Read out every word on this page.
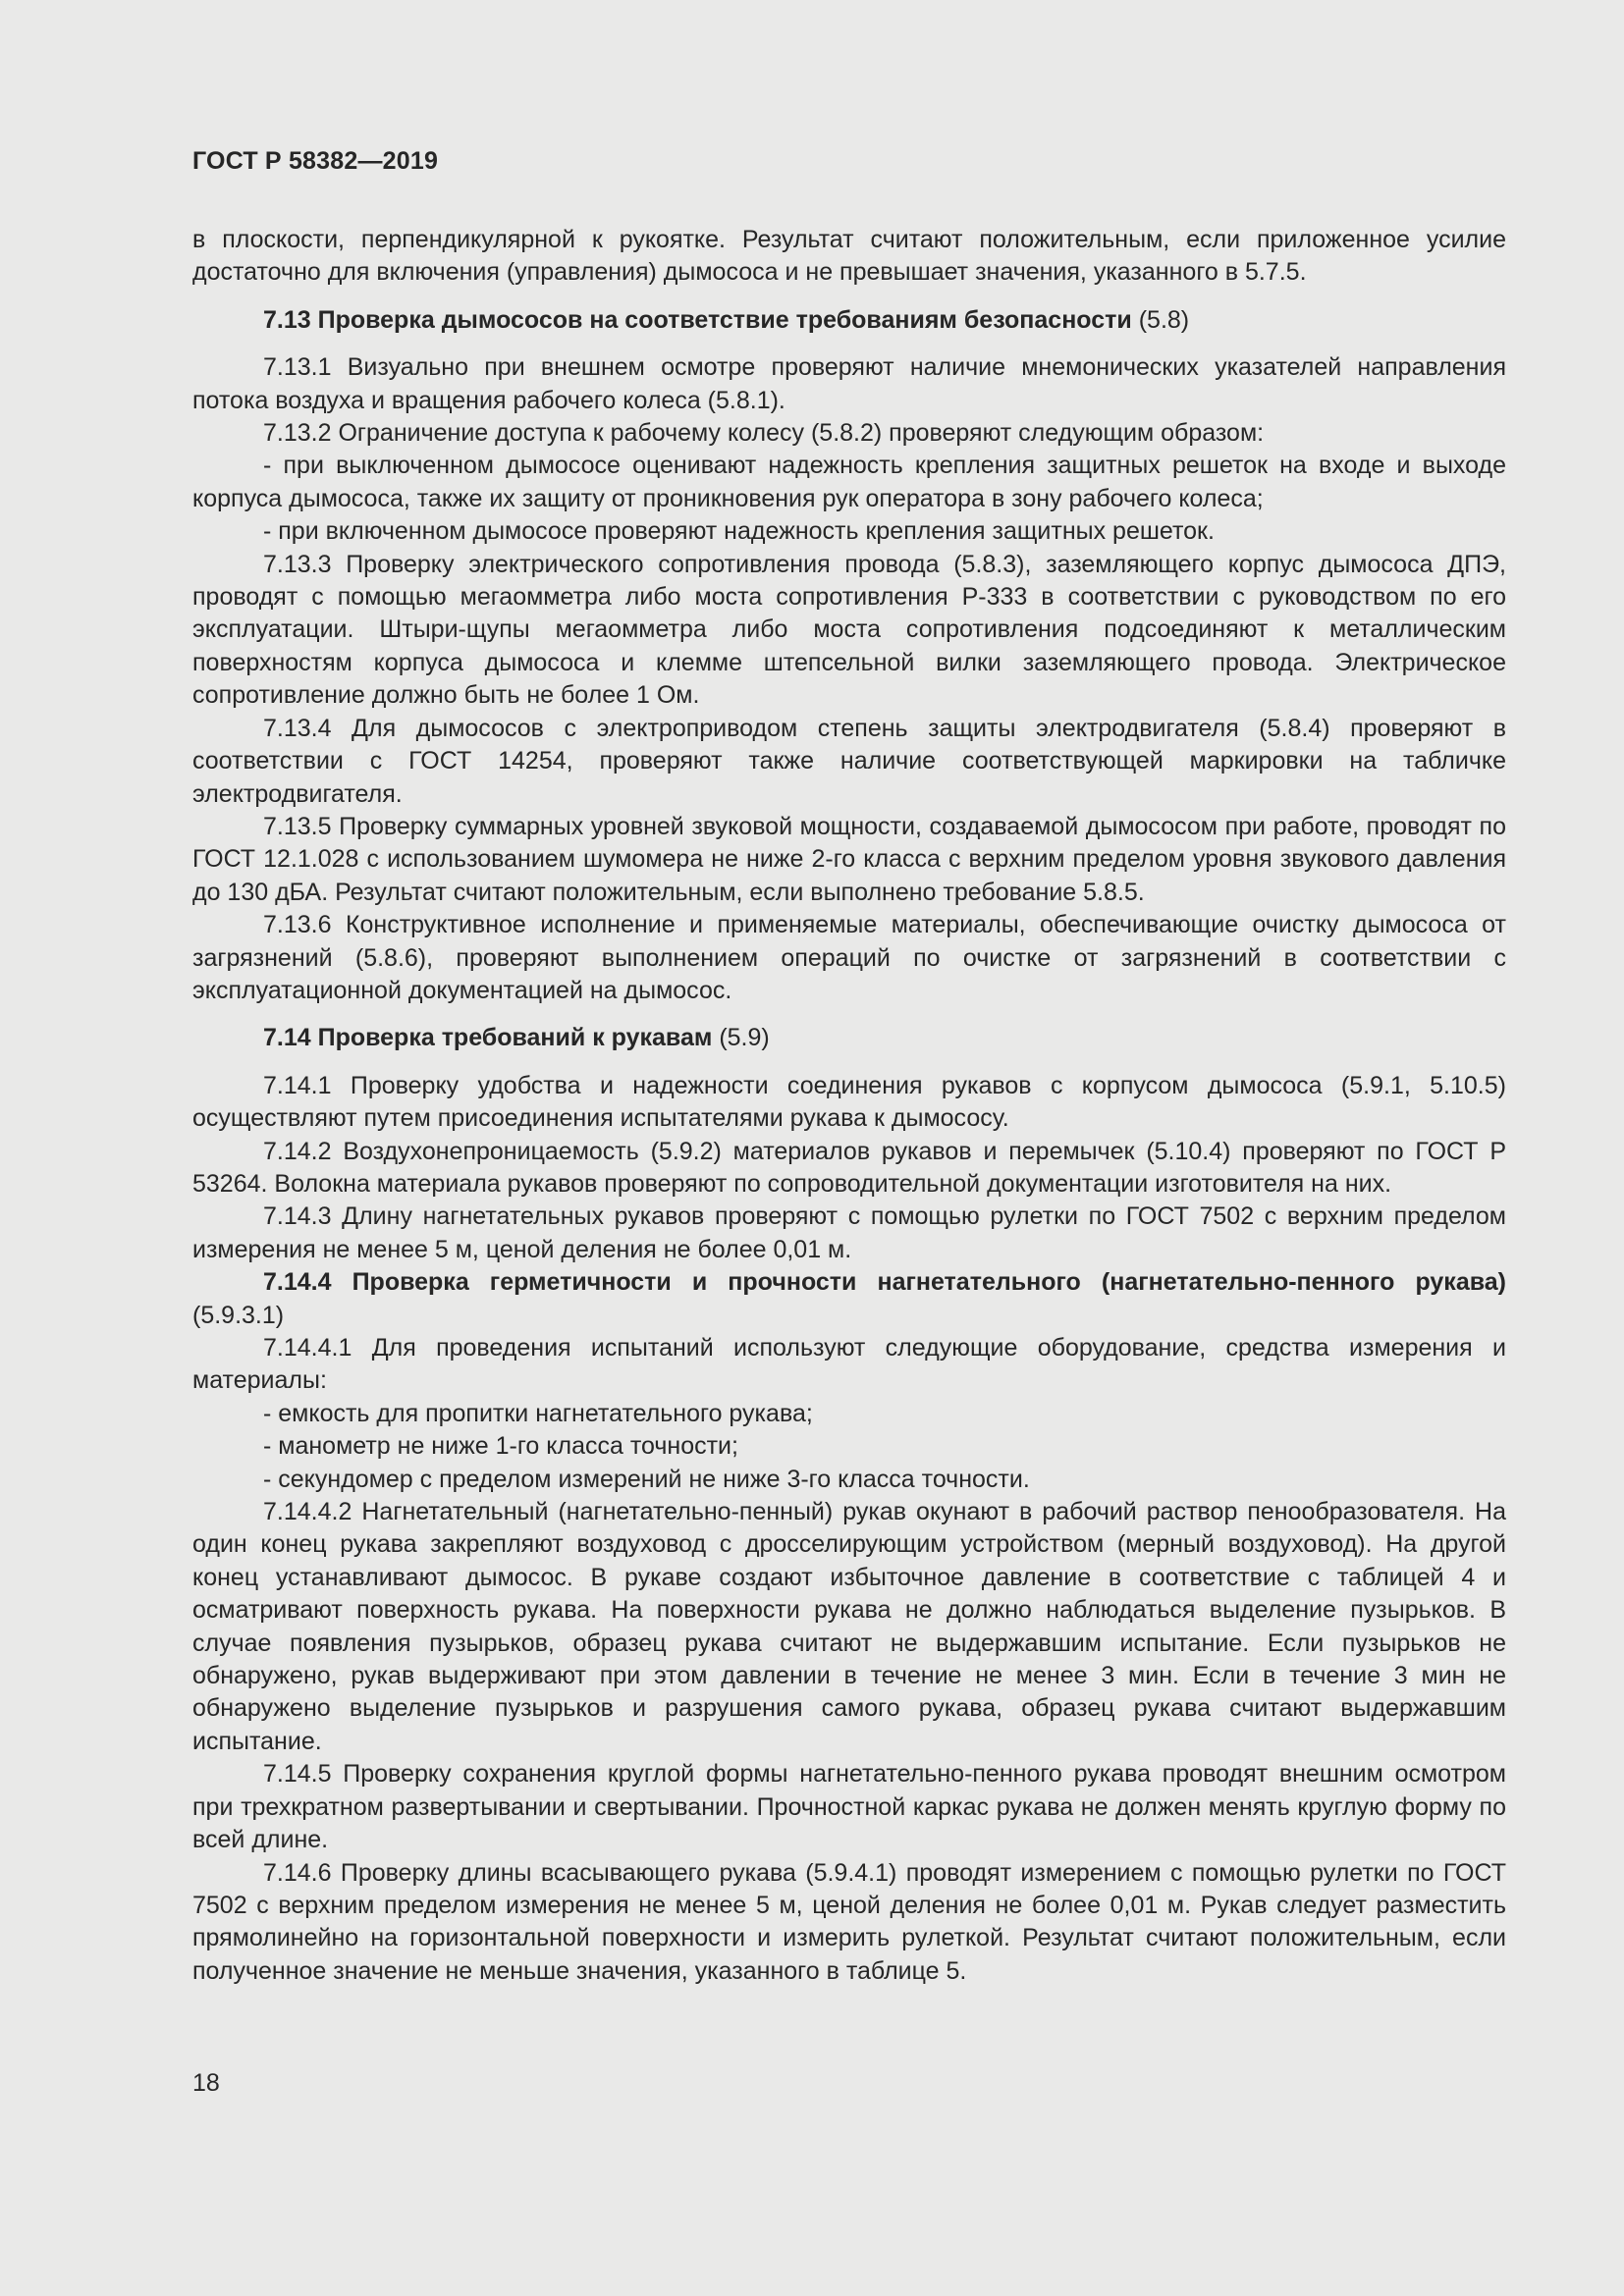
ГОСТ Р 58382—2019

в плоскости, перпендикулярной к рукоятке. Результат считают положительным, если приложенное усилие достаточно для включения (управления) дымососа и не превышает значения, указанного в 5.7.5.

7.13 Проверка дымососов на соответствие требованиям безопасности (5.8)

7.13.1 Визуально при внешнем осмотре проверяют наличие мнемонических указателей направления потока воздуха и вращения рабочего колеса (5.8.1).

7.13.2 Ограничение доступа к рабочему колесу (5.8.2) проверяют следующим образом:

- при выключенном дымососе оценивают надежность крепления защитных решеток на входе и выходе корпуса дымососа, также их защиту от проникновения рук оператора в зону рабочего колеса;

- при включенном дымососе проверяют надежность крепления защитных решеток.

7.13.3 Проверку электрического сопротивления провода (5.8.3), заземляющего корпус дымососа ДПЭ, проводят с помощью мегаомметра либо моста сопротивления Р-333 в соответствии с руководством по его эксплуатации. Штыри-щупы мегаомметра либо моста сопротивления подсоединяют к металлическим поверхностям корпуса дымососа и клемме штепсельной вилки заземляющего провода. Электрическое сопротивление должно быть не более 1 Ом.

7.13.4 Для дымососов с электроприводом степень защиты электродвигателя (5.8.4) проверяют в соответствии с ГОСТ 14254, проверяют также наличие соответствующей маркировки на табличке электродвигателя.

7.13.5 Проверку суммарных уровней звуковой мощности, создаваемой дымососом при работе, проводят по ГОСТ 12.1.028 с использованием шумомера не ниже 2-го класса с верхним пределом уровня звукового давления до 130 дБА. Результат считают положительным, если выполнено требование 5.8.5.

7.13.6 Конструктивное исполнение и применяемые материалы, обеспечивающие очистку дымососа от загрязнений (5.8.6), проверяют выполнением операций по очистке от загрязнений в соответствии с эксплуатационной документацией на дымосос.

7.14 Проверка требований к рукавам (5.9)

7.14.1 Проверку удобства и надежности соединения рукавов с корпусом дымососа (5.9.1, 5.10.5) осуществляют путем присоединения испытателями рукава к дымососу.

7.14.2 Воздухонепроницаемость (5.9.2) материалов рукавов и перемычек (5.10.4) проверяют по ГОСТ Р 53264. Волокна материала рукавов проверяют по сопроводительной документации изготовителя на них.

7.14.3 Длину нагнетательных рукавов проверяют с помощью рулетки по ГОСТ 7502 с верхним пределом измерения не менее 5 м, ценой деления не более 0,01 м.

7.14.4 Проверка герметичности и прочности нагнетательного (нагнетательно-пенного рукава) (5.9.3.1)

7.14.4.1 Для проведения испытаний используют следующие оборудование, средства измерения и материалы:

- емкость для пропитки нагнетательного рукава;

- манометр не ниже 1-го класса точности;

- секундомер с пределом измерений не ниже 3-го класса точности.

7.14.4.2 Нагнетательный (нагнетательно-пенный) рукав окунают в рабочий раствор пенообразователя. На один конец рукава закрепляют воздуховод с дросселирующим устройством (мерный воздуховод). На другой конец устанавливают дымосос. В рукаве создают избыточное давление в соответствие с таблицей 4 и осматривают поверхность рукава. На поверхности рукава не должно наблюдаться выделение пузырьков. В случае появления пузырьков, образец рукава считают не выдержавшим испытание. Если пузырьков не обнаружено, рукав выдерживают при этом давлении в течение не менее 3 мин. Если в течение 3 мин не обнаружено выделение пузырьков и разрушения самого рукава, образец рукава считают выдержавшим испытание.

7.14.5 Проверку сохранения круглой формы нагнетательно-пенного рукава проводят внешним осмотром при трехкратном развертывании и свертывании. Прочностной каркас рукава не должен менять круглую форму по всей длине.

7.14.6 Проверку длины всасывающего рукава (5.9.4.1) проводят измерением с помощью рулетки по ГОСТ 7502 с верхним пределом измерения не менее 5 м, ценой деления не более 0,01 м. Рукав следует разместить прямолинейно на горизонтальной поверхности и измерить рулеткой. Результат считают положительным, если полученное значение не меньше значения, указанного в таблице 5.

18
